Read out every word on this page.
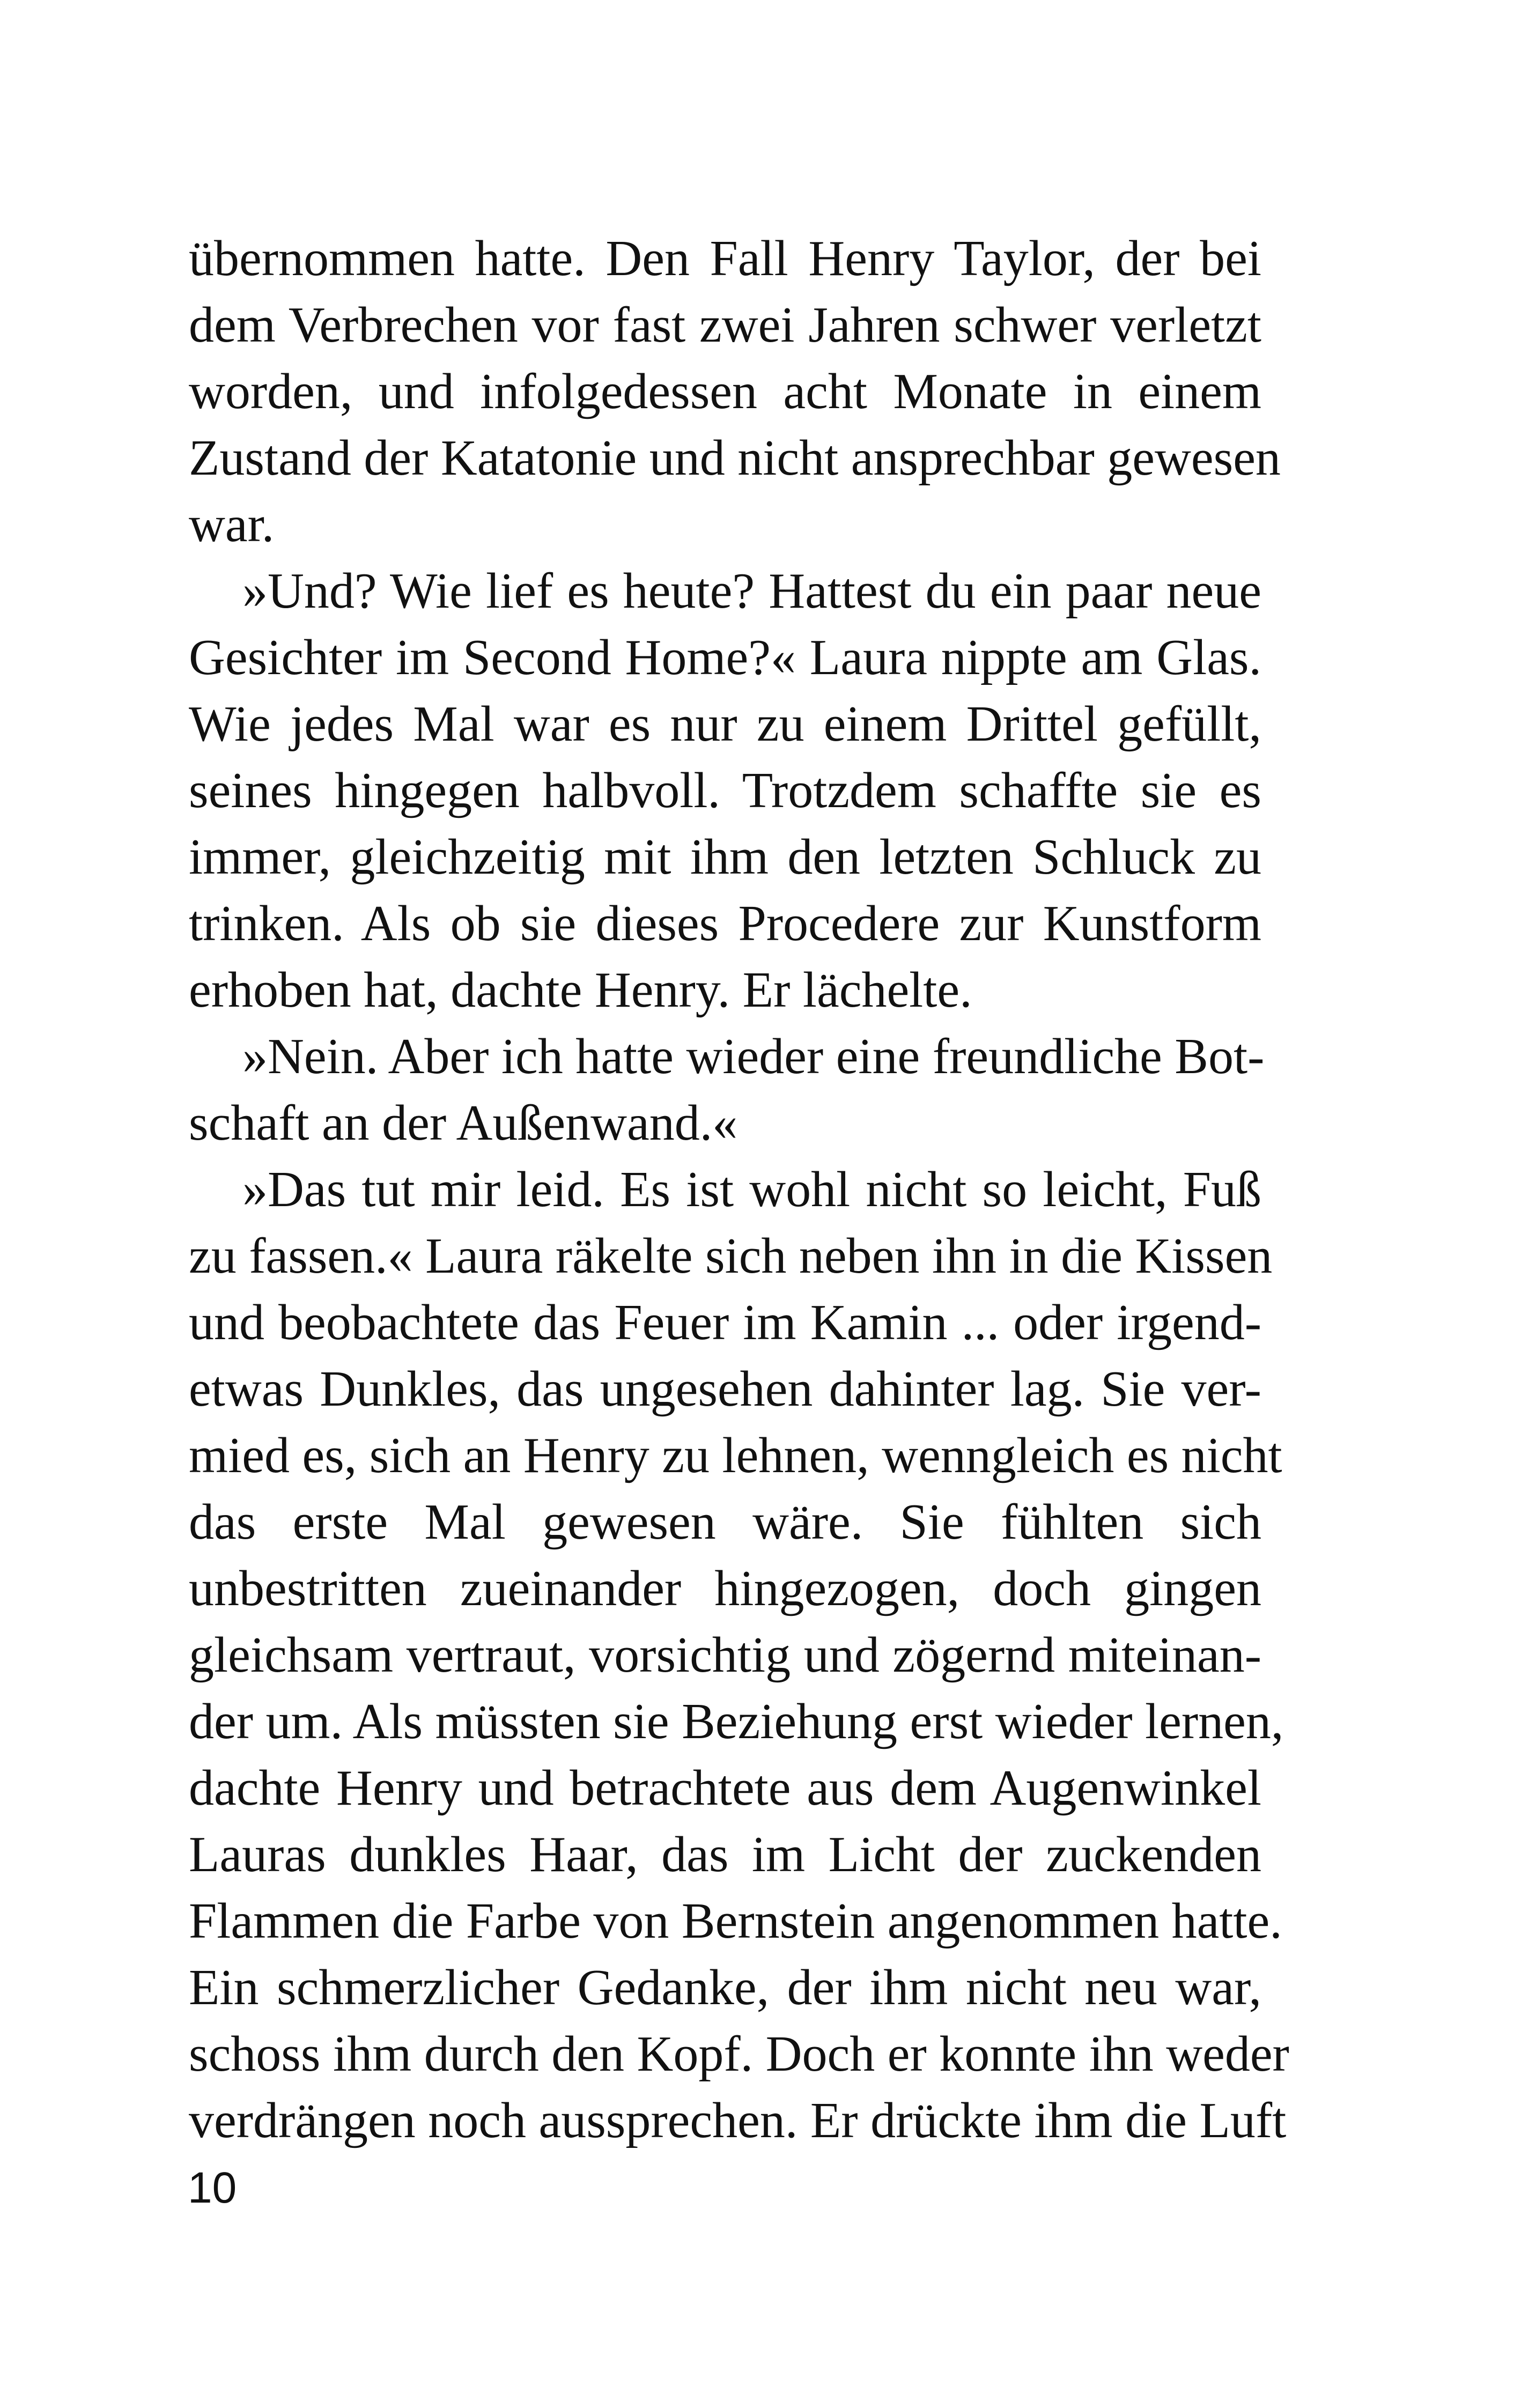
übernommen hatte. Den Fall Henry Taylor, der bei
dem Verbrechen vor fast zwei Jahren schwer verletzt
worden, und infolgedessen acht Monate in einem
Zustand der Katatonie und nicht ansprechbar gewesen
war.
»Und? Wie lief es heute? Hattest du ein paar neue
Gesichter im Second Home?« Laura nippte am Glas.
Wie jedes Mal war es nur zu einem Drittel gefüllt,
seines hingegen halbvoll. Trotzdem schaffte sie es
immer, gleichzeitig mit ihm den letzten Schluck zu
trinken. Als ob sie dieses Procedere zur Kunstform
erhoben hat, dachte Henry. Er lächelte.
»Nein. Aber ich hatte wieder eine freundliche Bot-
schaft an der Außenwand.«
»Das tut mir leid. Es ist wohl nicht so leicht, Fuß
zu fassen.« Laura räkelte sich neben ihn in die Kissen
und beobachtete das Feuer im Kamin ... oder irgend-
etwas Dunkles, das ungesehen dahinter lag. Sie ver-
mied es, sich an Henry zu lehnen, wenngleich es nicht
das erste Mal gewesen wäre. Sie fühlten sich
unbestritten zueinander hingezogen, doch gingen
gleichsam vertraut, vorsichtig und zögernd miteinan-
der um. Als müssten sie Beziehung erst wieder lernen,
dachte Henry und betrachtete aus dem Augenwinkel
Lauras dunkles Haar, das im Licht der zuckenden
Flammen die Farbe von Bernstein angenommen hatte.
Ein schmerzlicher Gedanke, der ihm nicht neu war,
schoss ihm durch den Kopf. Doch er konnte ihn weder
verdrängen noch aussprechen. Er drückte ihm die Luft
10
